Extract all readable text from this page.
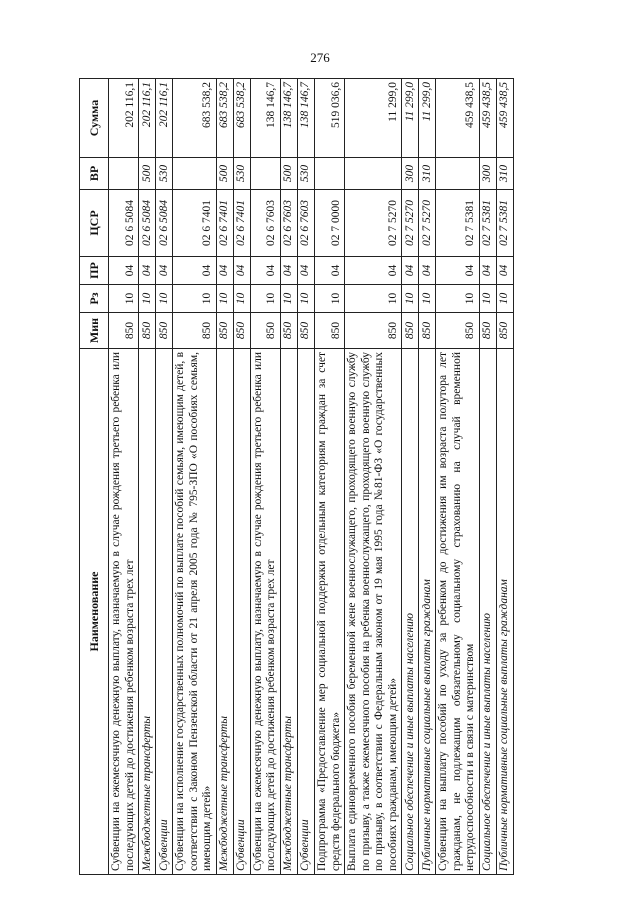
276
Наименование	Мин	Рз	ПР	ЦСР	ВР	Сумма
Субвенции на ежемесячную денежную выплату, назначаемую в случае рождения третьего ребенка или последующих детей до достижения ребенком возраста трех лет	850	10	04	02 6 5084		202 116,1
Межбюджетные трансферты	850	10	04	02 6 5084	500	202 116,1
Субвенции	850	10	04	02 6 5084	530	202 116,1
Субвенции на исполнение государственных полномочий по выплате пособий семьям, имеющим детей, в соответствии с Законом Пензенской области от 21 апреля 2005 года № 795-ЗПО «О пособиях семьям, имеющим детей»	850	10	04	02 6 7401		683 538,2
Межбюджетные трансферты	850	10	04	02 6 7401	500	683 538,2
Субвенции	850	10	04	02 6 7401	530	683 538,2
Субвенции на ежемесячную денежную выплату, назначаемую в случае рождения третьего ребенка или последующих детей до достижения ребенком возраста трех лет	850	10	04	02 6 7603		138 146,7
Межбюджетные трансферты	850	10	04	02 6 7603	500	138 146,7
Субвенции	850	10	04	02 6 7603	530	138 146,7
Подпрограмма «Предоставление мер социальной поддержки отдельным категориям граждан за счет средств федерального бюджета»	850	10	04	02 7 0000		519 036,6
Выплата единовременного пособия беременной жене военнослужащего, проходящего военную службу по призыву, а также ежемесячного пособия на ребенка военнослужащего, проходящего военную службу по призыву, в соответствии с Федеральным законом от 19 мая 1995 года №81-ФЗ «О государственных пособиях гражданам, имеющим детей»	850	10	04	02 7 5270		11 299,0
Социальное обеспечение и иные выплаты населению	850	10	04	02 7 5270	300	11 299,0
Публичные нормативные социальные выплаты гражданам	850	10	04	02 7 5270	310	11 299,0
Субвенции на выплату пособий по уходу за ребенком до достижения им возраста полутора лет гражданам, не подлежащим обязательному социальному страхованию на случай временной нетрудоспособности и в связи с материнством	850	10	04	02 7 5381		459 438,5
Социальное обеспечение и иные выплаты населению	850	10	04	02 7 5381	300	459 438,5
Публичные нормативные социальные выплаты гражданам	850	10	04	02 7 5381	310	459 438,5
